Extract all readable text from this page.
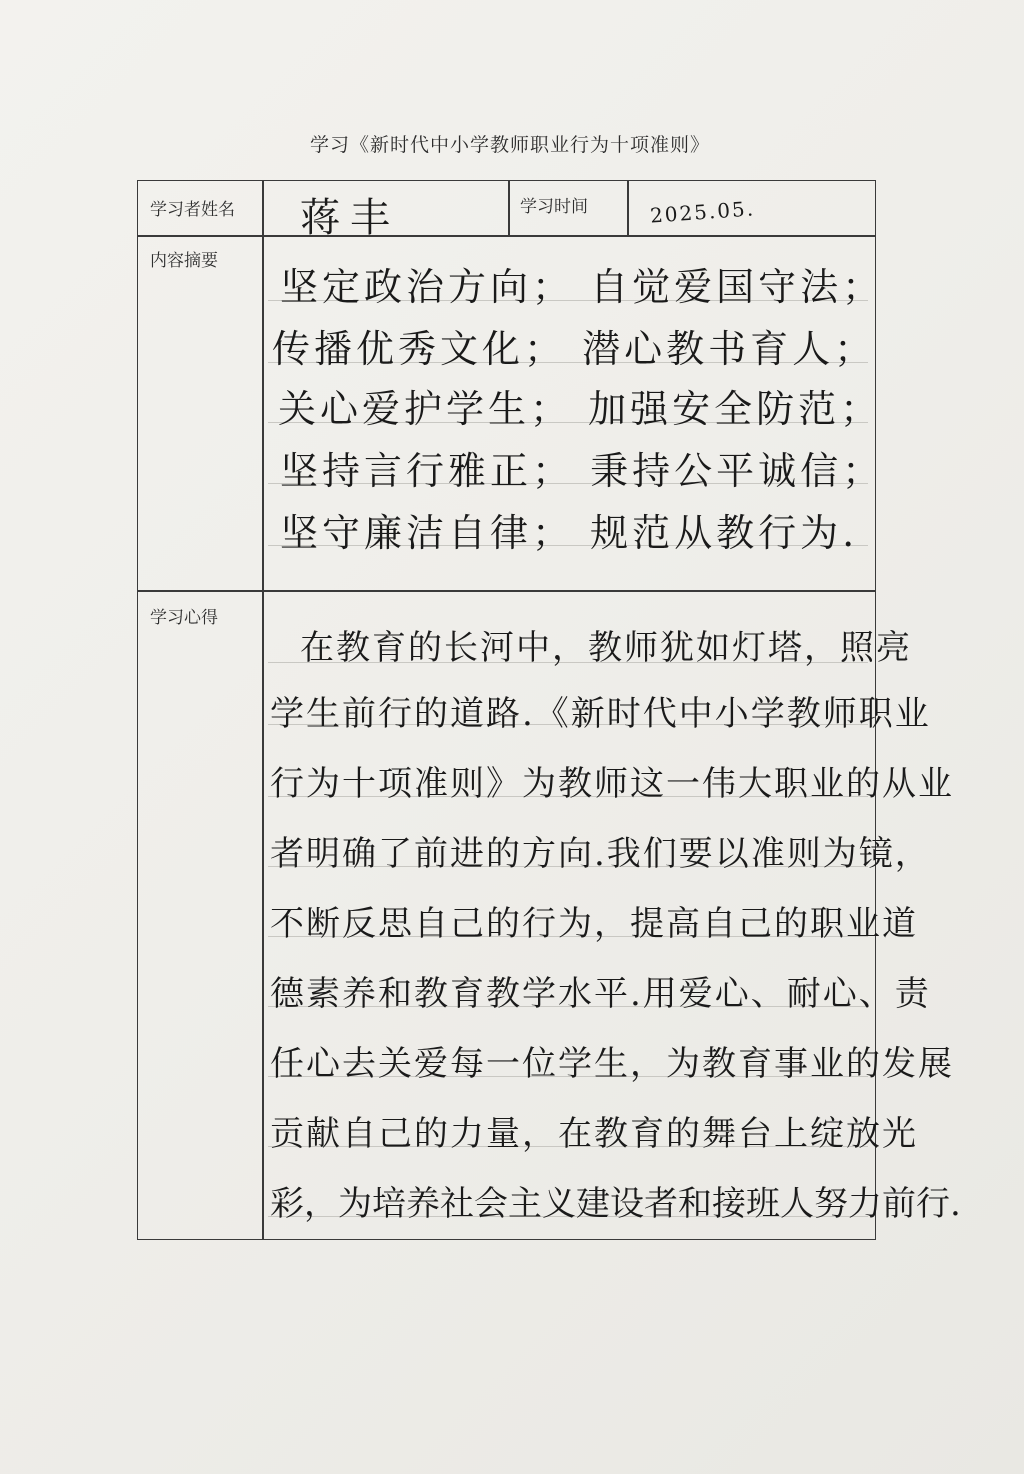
学习《新时代中小学教师职业行为十项准则》
学习者姓名	学习时间
内容摘要
学习心得
蒋丰	2025.05.
坚定政治方向； 自觉爱国守法；
传播优秀文化； 潜心教书育人；
关心爱护学生； 加强安全防范；
坚持言行雅正； 秉持公平诚信；
坚守廉洁自律； 规范从教行为.
在教育的长河中，教师犹如灯塔，照亮
学生前行的道路.《新时代中小学教师职业
行为十项准则》为教师这一伟大职业的从业
者明确了前进的方向.我们要以准则为镜，
不断反思自己的行为，提高自己的职业道
德素养和教育教学水平.用爱心、耐心、责
任心去关爱每一位学生，为教育事业的发展
贡献自己的力量，在教育的舞台上绽放光
彩，为培养社会主义建设者和接班人努力前行.
